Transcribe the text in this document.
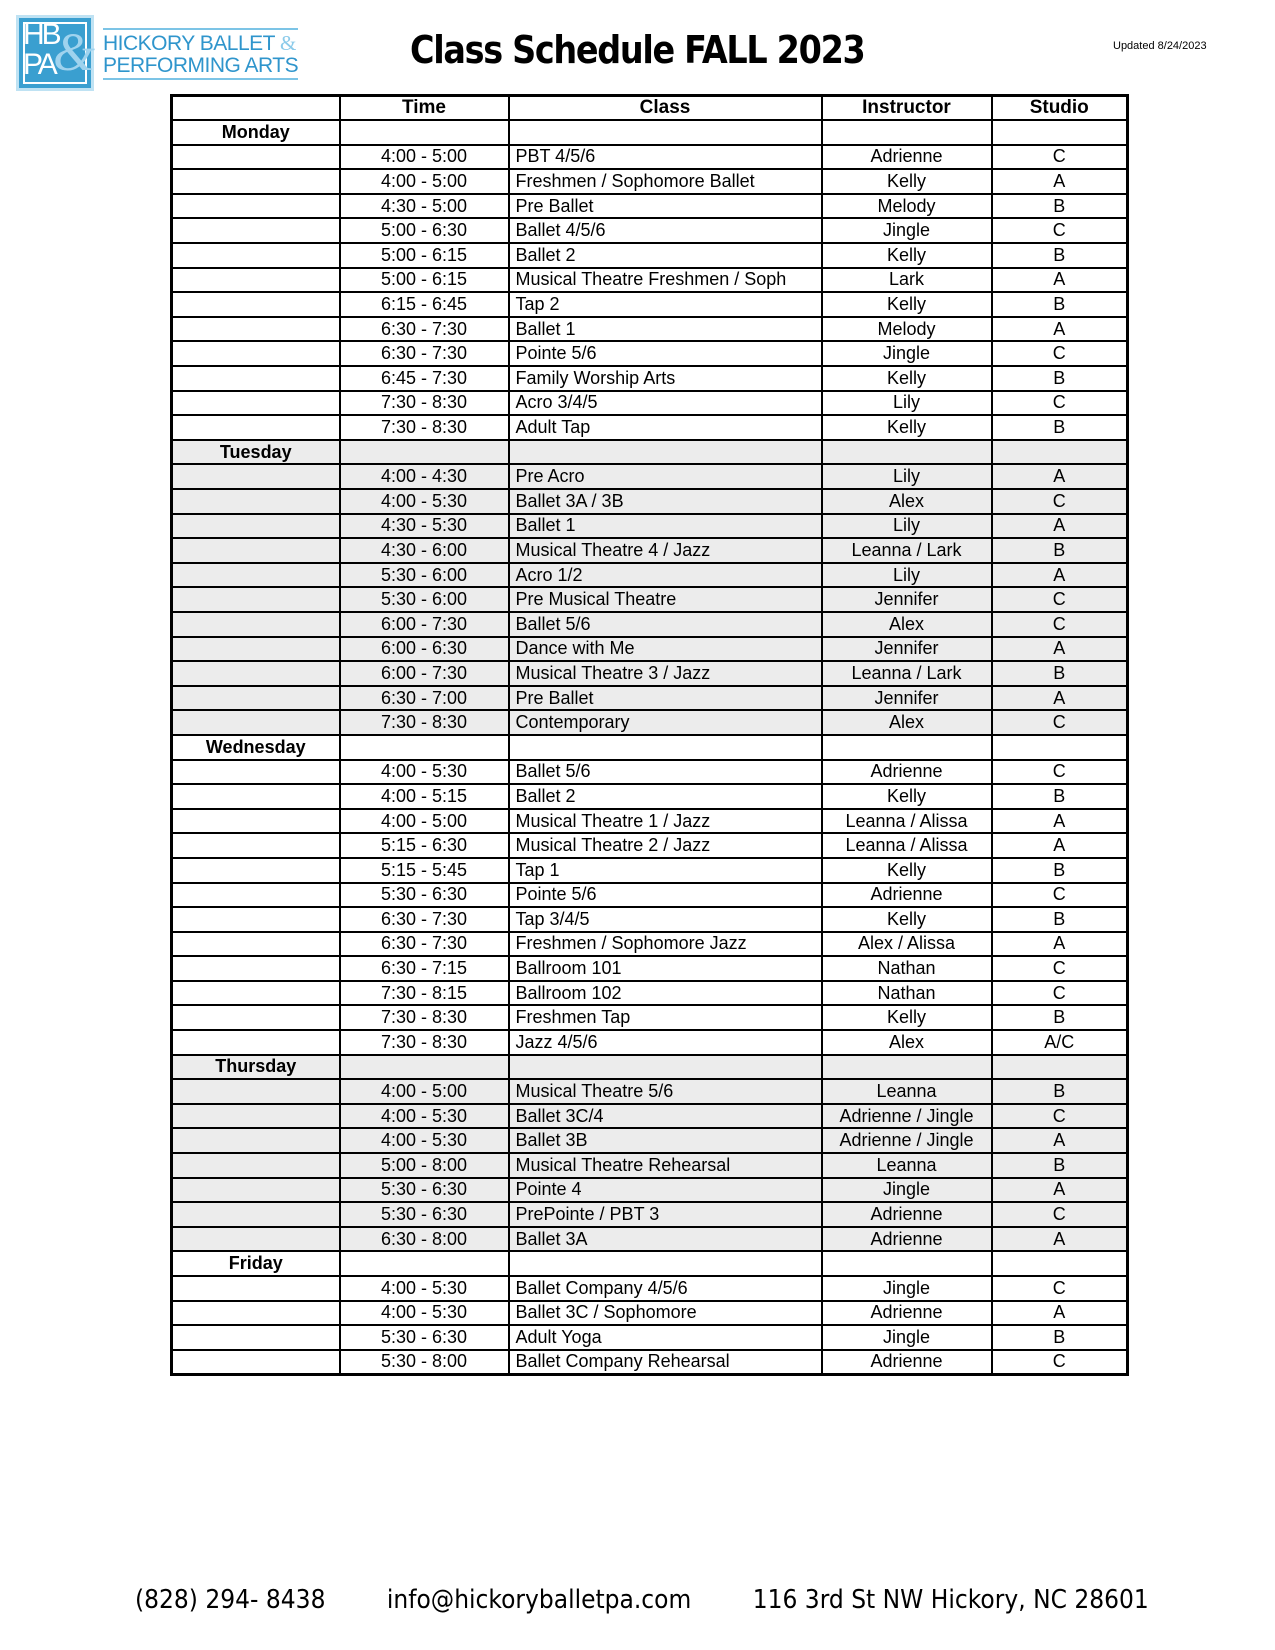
&
HB
PA
HICKORY BALLET &
PERFORMING ARTS	Class Schedule FALL 2023	Updated 8/24/2023
	Time	Class	Instructor	Studio
Monday				
	4:00 - 5:00	PBT 4/5/6	Adrienne	C
	4:00 - 5:00	Freshmen / Sophomore Ballet	Kelly	A
	4:30 - 5:00	Pre Ballet	Melody	B
	5:00 - 6:30	Ballet 4/5/6	Jingle	C
	5:00 - 6:15	Ballet 2	Kelly	B
	5:00 - 6:15	Musical Theatre Freshmen / Soph	Lark	A
	6:15 - 6:45	Tap 2	Kelly	B
	6:30 - 7:30	Ballet 1	Melody	A
	6:30 - 7:30	Pointe 5/6	Jingle	C
	6:45 - 7:30	Family Worship Arts	Kelly	B
	7:30 - 8:30	Acro 3/4/5	Lily	C
	7:30 - 8:30	Adult Tap	Kelly	B
Tuesday				
	4:00 - 4:30	Pre Acro	Lily	A
	4:00 - 5:30	Ballet 3A / 3B	Alex	C
	4:30 - 5:30	Ballet 1	Lily	A
	4:30 - 6:00	Musical Theatre 4 / Jazz	Leanna / Lark	B
	5:30 - 6:00	Acro 1/2	Lily	A
	5:30 - 6:00	Pre Musical Theatre	Jennifer	C
	6:00 - 7:30	Ballet 5/6	Alex	C
	6:00 - 6:30	Dance with Me	Jennifer	A
	6:00 - 7:30	Musical Theatre 3 / Jazz	Leanna / Lark	B
	6:30 - 7:00	Pre Ballet	Jennifer	A
	7:30 - 8:30	Contemporary	Alex	C
Wednesday				
	4:00 - 5:30	Ballet 5/6	Adrienne	C
	4:00 - 5:15	Ballet 2	Kelly	B
	4:00 - 5:00	Musical Theatre 1 / Jazz	Leanna / Alissa	A
	5:15 - 6:30	Musical Theatre 2 / Jazz	Leanna / Alissa	A
	5:15 - 5:45	Tap 1	Kelly	B
	5:30 - 6:30	Pointe 5/6	Adrienne	C
	6:30 - 7:30	Tap 3/4/5	Kelly	B
	6:30 - 7:30	Freshmen / Sophomore Jazz	Alex / Alissa	A
	6:30 - 7:15	Ballroom 101	Nathan	C
	7:30 - 8:15	Ballroom 102	Nathan	C
	7:30 - 8:30	Freshmen Tap	Kelly	B
	7:30 - 8:30	Jazz 4/5/6	Alex	A/C
Thursday				
	4:00 - 5:00	Musical Theatre 5/6	Leanna	B
	4:00 - 5:30	Ballet 3C/4	Adrienne / Jingle	C
	4:00 - 5:30	Ballet 3B	Adrienne / Jingle	A
	5:00 - 8:00	Musical Theatre Rehearsal	Leanna	B
	5:30 - 6:30	Pointe 4	Jingle	A
	5:30 - 6:30	PrePointe / PBT 3	Adrienne	C
	6:30 - 8:00	Ballet 3A	Adrienne	A
Friday				
	4:00 - 5:30	Ballet Company 4/5/6	Jingle	C
	4:00 - 5:30	Ballet 3C / Sophomore	Adrienne	A
	5:30 - 6:30	Adult Yoga	Jingle	B
	5:30 - 8:00	Ballet Company Rehearsal	Adrienne	C
(828) 294- 8438 info@hickoryballetpa.com 116 3rd St NW Hickory, NC 28601
